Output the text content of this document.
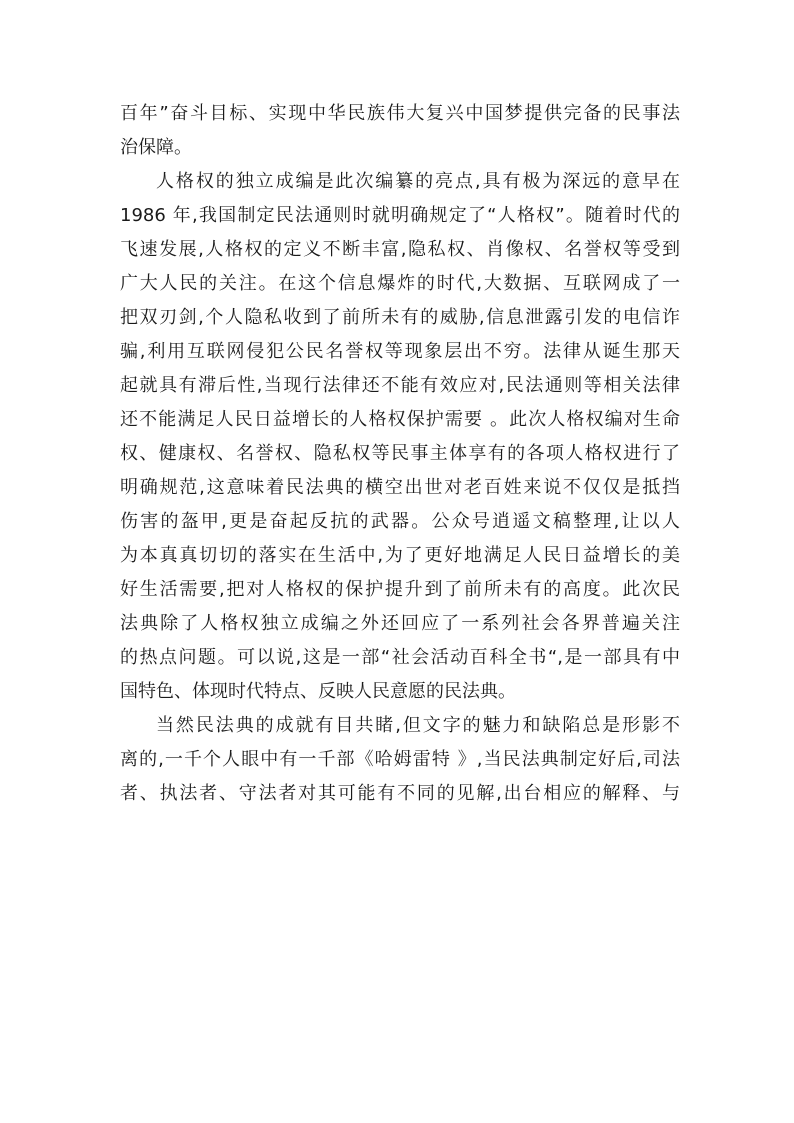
百年”奋斗目标、实现中华民族伟大复兴中国梦提供完备的民事法
治保障。
人格权的独立成编是此次编纂的亮点,具有极为深远的意早在
1986 年,我国制定民法通则时就明确规定了“人格权”。随着时代的
飞速发展,人格权的定义不断丰富,隐私权、肖像权、名誉权等受到
广大人民的关注。在这个信息爆炸的时代,大数据、互联网成了一
把双刃剑,个人隐私收到了前所未有的威胁,信息泄露引发的电信诈
骗,利用互联网侵犯公民名誉权等现象层出不穷。法律从诞生那天
起就具有滞后性,当现行法律还不能有效应对,民法通则等相关法律
还不能满足人民日益增长的人格权保护需要 。此次人格权编对生命
权、健康权、名誉权、隐私权等民事主体享有的各项人格权进行了
明确规范,这意味着民法典的横空出世对老百姓来说不仅仅是抵挡
伤害的盔甲,更是奋起反抗的武器。公众号逍遥文稿整理,让以人
为本真真切切的落实在生活中,为了更好地满足人民日益增长的美
好生活需要,把对人格权的保护提升到了前所未有的高度。此次民
法典除了人格权独立成编之外还回应了一系列社会各界普遍关注
的热点问题。可以说,这是一部“社会活动百科全书“,是一部具有中
国特色、体现时代特点、反映人民意愿的民法典。
当然民法典的成就有目共睹,但文字的魅力和缺陷总是形影不
离的,一千个人眼中有一千部《哈姆雷特 》,当民法典制定好后,司法
者、执法者、守法者对其可能有不同的见解,出台相应的解释、与
